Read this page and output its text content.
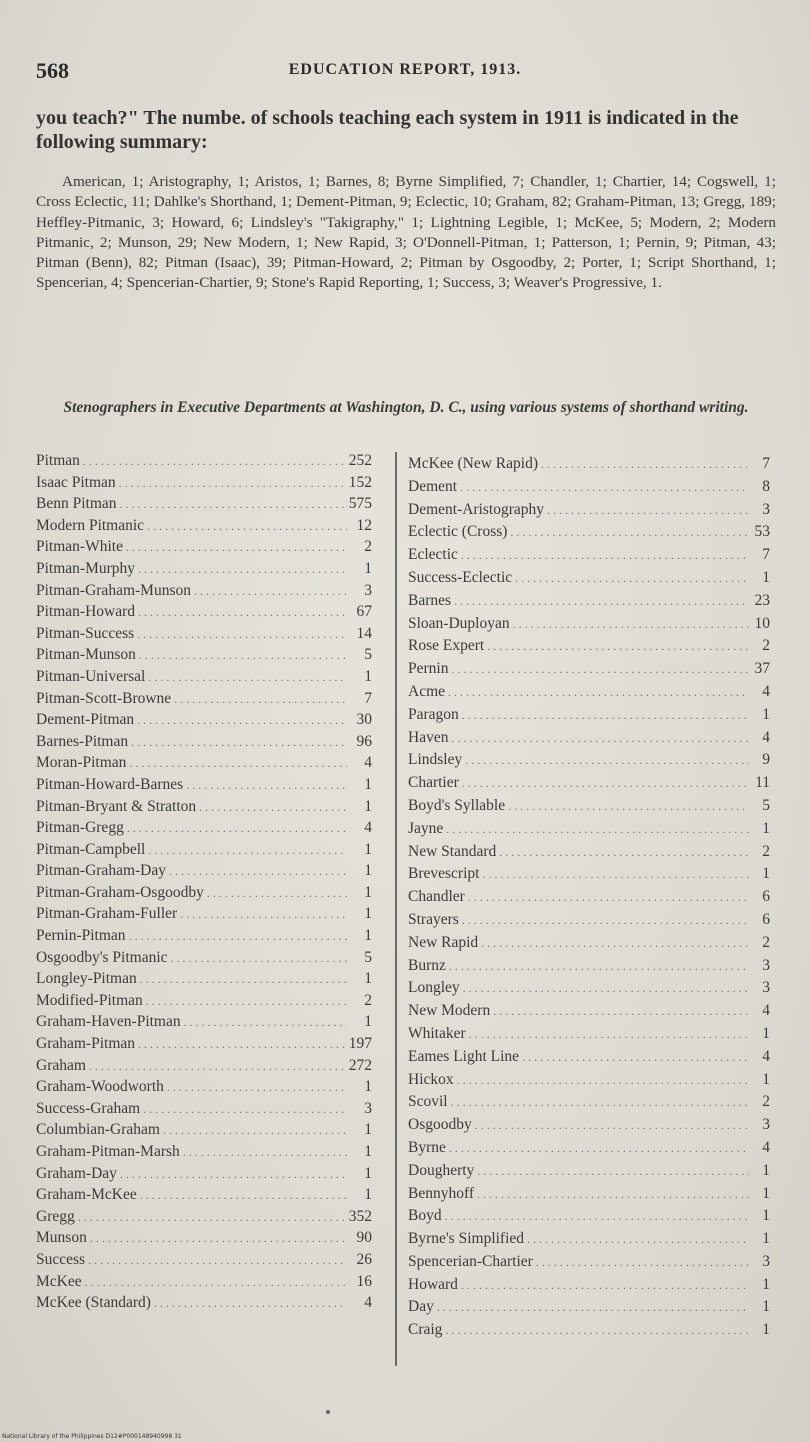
568	EDUCATION REPORT, 1913.
you teach?" The numbe. of schools teaching each system in 1911 is indicated in the following summary:
American, 1; Aristography, 1; Aristos, 1; Barnes, 8; Byrne Simplified, 7; Chandler, 1; Chartier, 14; Cogswell, 1; Cross Eclectic, 11; Dahlke's Shorthand, 1; Dement-Pitman, 9; Eclectic, 10; Graham, 82; Graham-Pitman, 13; Gregg, 189; Heffley-Pitmanic, 3; Howard, 6; Lindsley's "Takigraphy," 1; Lightning Legible, 1; McKee, 5; Modern, 2; Modern Pitmanic, 2; Munson, 29; New Modern, 1; New Rapid, 3; O'Donnell-Pitman, 1; Patterson, 1; Pernin, 9; Pitman, 43; Pitman (Benn), 82; Pitman (Isaac), 39; Pitman-Howard, 2; Pitman by Osgoodby, 2; Porter, 1; Script Shorthand, 1; Spencerian, 4; Spencerian-Chartier, 9; Stone's Rapid Reporting, 1; Success, 3; Weaver's Progressive, 1.
Stenographers in Executive Departments at Washington, D. C., using various systems of shorthand writing.
Pitman .....	252
Isaac Pitman .....	152
Benn Pitman .....	575
Modern Pitmanic .....	12
Pitman-White .....	2
Pitman-Murphy .....	1
Pitman-Graham-Munson .....	3
Pitman-Howard .....	67
Pitman-Success .....	14
Pitman-Munson .....	5
Pitman-Universal .....	1
Pitman-Scott-Browne .....	7
Dement-Pitman .....	30
Barnes-Pitman .....	96
Moran-Pitman .....	4
Pitman-Howard-Barnes .....	1
Pitman-Bryant & Stratton .....	1
Pitman-Gregg .....	4
Pitman-Campbell .....	1
Pitman-Graham-Day .....	1
Pitman-Graham-Osgoodby .....	1
Pitman-Graham-Fuller .....	1
Pernin-Pitman .....	1
Osgoodby's Pitmanic .....	5
Longley-Pitman .....	1
Modified-Pitman .....	2
Graham-Haven-Pitman .....	1
Graham-Pitman .....	197
Graham .....	272
Graham-Woodworth .....	1
Success-Graham .....	3
Columbian-Graham .....	1
Graham-Pitman-Marsh .....	1
Graham-Day .....	1
Graham-McKee .....	1
Gregg .....	352
Munson .....	90
Success .....	26
McKee .....	16
McKee (Standard) .....	4
McKee (New Rapid) .....	7
Dement .....	8
Dement-Aristography .....	3
Eclectic (Cross) .....	53
Eclectic .....	7
Success-Eclectic .....	1
Barnes .....	23
Sloan-Duployan .....	10
Rose Expert .....	2
Pernin .....	37
Acme .....	4
Paragon .....	1
Haven .....	4
Lindsley .....	9
Chartier .....	11
Boyd's Syllable .....	5
Jayne .....	1
New Standard .....	2
Brevescript .....	1
Chandler .....	6
Strayers .....	6
New Rapid .....	2
Burnz .....	3
Longley .....	3
New Modern .....	4
Whitaker .....	1
Eames Light Line .....	4
Hickox .....	1
Scovil .....	2
Osgoodby .....	3
Byrne .....	4
Dougherty .....	1
Bennyhoff .....	1
Boyd .....	1
Byrne's Simplified .....	1
Spencerian-Chartier .....	3
Howard .....	1
Day .....	1
Craig .....	1
National Library of the Philippines D12#P000148940998 31
